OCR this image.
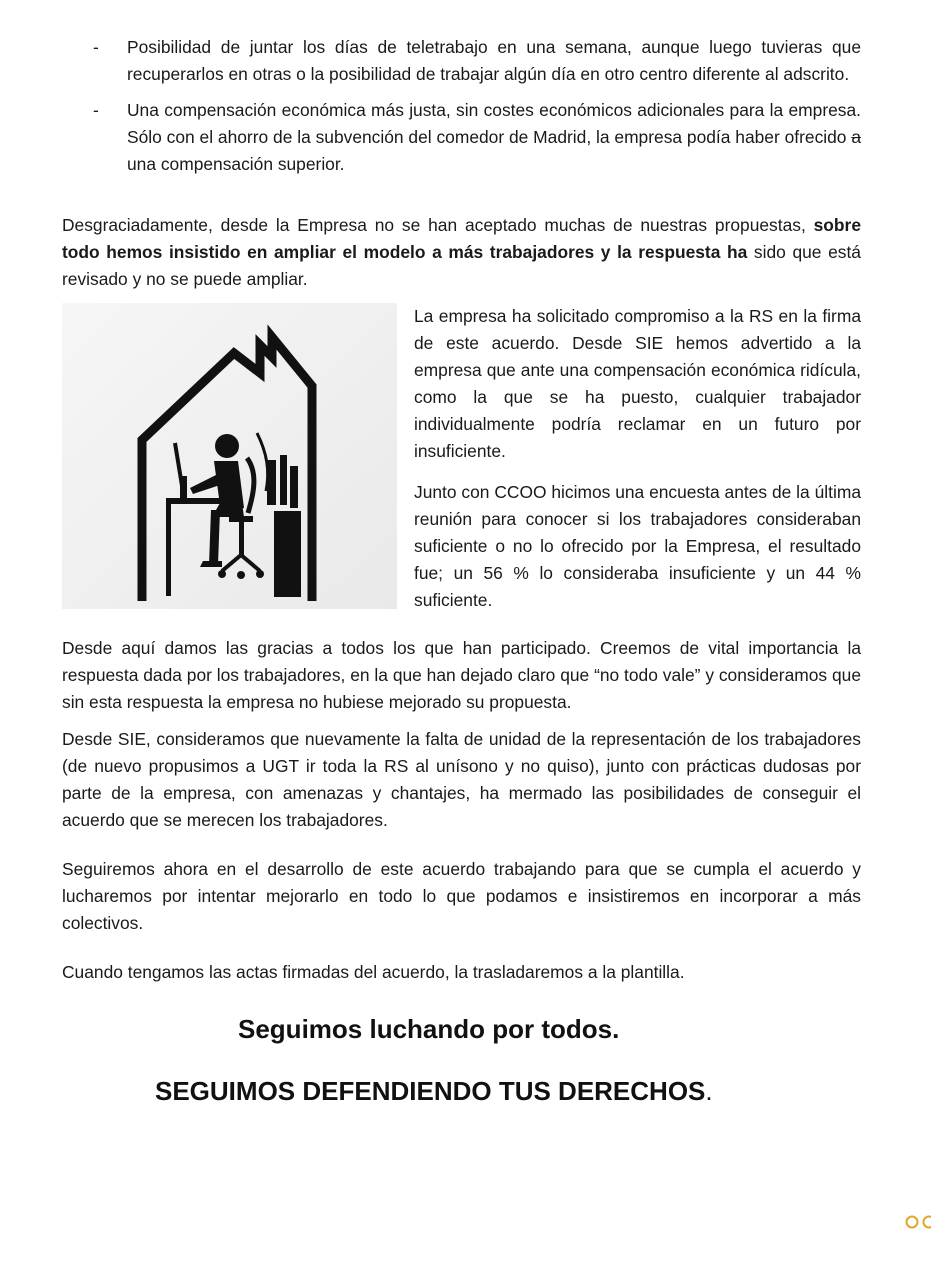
- Posibilidad de juntar los días de teletrabajo en una semana, aunque luego tuvieras que recuperarlos en otras o la posibilidad de trabajar algún día en otro centro diferente al adscrito.

- Una compensación económica más justa, sin costes económicos adicionales para la empresa. Sólo con el ahorro de la subvención del comedor de Madrid, la empresa podía haber ofrecido a una compensación superior.

Desgraciadamente, desde la Empresa no se han aceptado muchas de nuestras propuestas, sobre todo hemos insistido en ampliar el modelo a más trabajadores y la respuesta ha sido que está revisado y no se puede ampliar.

La empresa ha solicitado compromiso a la RS en la firma de este acuerdo. Desde SIE hemos advertido a la empresa que ante una compensación económica ridícula, como la que se ha puesto, cualquier trabajador individualmente podría reclamar en un futuro por insuficiente.

Junto con CCOO hicimos una encuesta antes de la última reunión para conocer si los trabajadores consideraban suficiente o no lo ofrecido por la Empresa, el resultado fue; un 56 % lo consideraba insuficiente y un 44 % suficiente.

Desde aquí damos las gracias a todos los que han participado. Creemos de vital importancia la respuesta dada por los trabajadores, en la que han dejado claro que “no todo vale” y consideramos que sin esta respuesta la empresa no hubiese mejorado su propuesta.

Desde SIE, consideramos que nuevamente la falta de unidad de la representación de los trabajadores (de nuevo propusimos a UGT ir toda la RS al unísono y no quiso), junto con prácticas dudosas por parte de la empresa, con amenazas y chantajes, ha mermado las posibilidades de conseguir el acuerdo que se merecen los trabajadores.

Seguiremos ahora en el desarrollo de este acuerdo trabajando para que se cumpla el acuerdo y lucharemos por intentar mejorarlo en todo lo que podamos e insistiremos en incorporar a más colectivos.

Cuando tengamos las actas firmadas del acuerdo, la trasladaremos a la plantilla.

Seguimos luchando por todos.

SEGUIMOS DEFENDIENDO TUS DERECHOS.
